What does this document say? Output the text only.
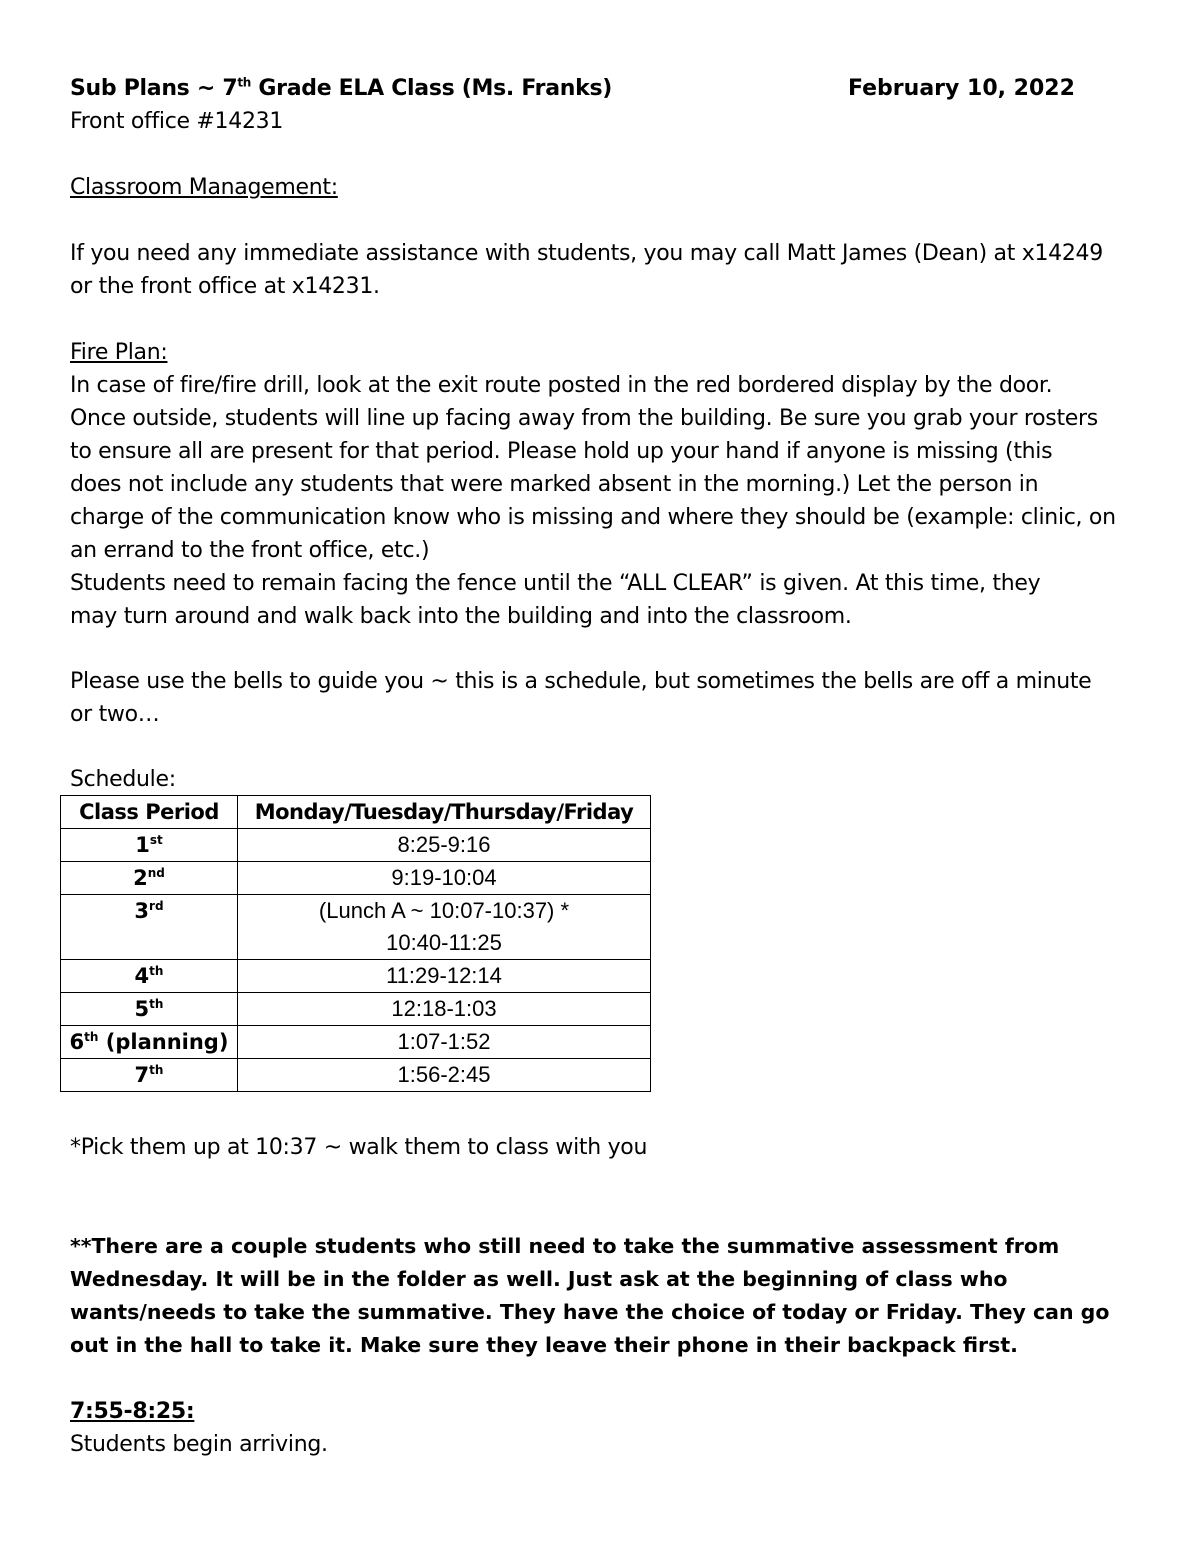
Sub Plans ~ 7th Grade ELA Class (Ms. Franks)	February 10, 2022
Front office #14231
Classroom Management:
If you need any immediate assistance with students, you may call Matt James (Dean) at x14249
or the front office at x14231.
Fire Plan:
In case of fire/fire drill, look at the exit route posted in the red bordered display by the door.
Once outside, students will line up facing away from the building. Be sure you grab your rosters
to ensure all are present for that period. Please hold up your hand if anyone is missing (this
does not include any students that were marked absent in the morning.) Let the person in
charge of the communication know who is missing and where they should be (example: clinic, on
an errand to the front office, etc.)
Students need to remain facing the fence until the “ALL CLEAR” is given. At this time, they
may turn around and walk back into the building and into the classroom.
Please use the bells to guide you ~ this is a schedule, but sometimes the bells are off a minute
or two…
Schedule:
Class Period	Monday/Tuesday/Thursday/Friday
1st	8:25-9:16
2nd	9:19-10:04
3rd	(Lunch A ~ 10:07-10:37) *
10:40-11:25

4th	11:29-12:14
5th	12:18-1:03
6th (planning)	1:07-1:52
7th	1:56-2:45
*Pick them up at 10:37 ~ walk them to class with you
**There are a couple students who still need to take the summative assessment from
Wednesday. It will be in the folder as well. Just ask at the beginning of class who
wants/needs to take the summative. They have the choice of today or Friday. They can go
out in the hall to take it. Make sure they leave their phone in their backpack first.
7:55-8:25:
Students begin arriving.
